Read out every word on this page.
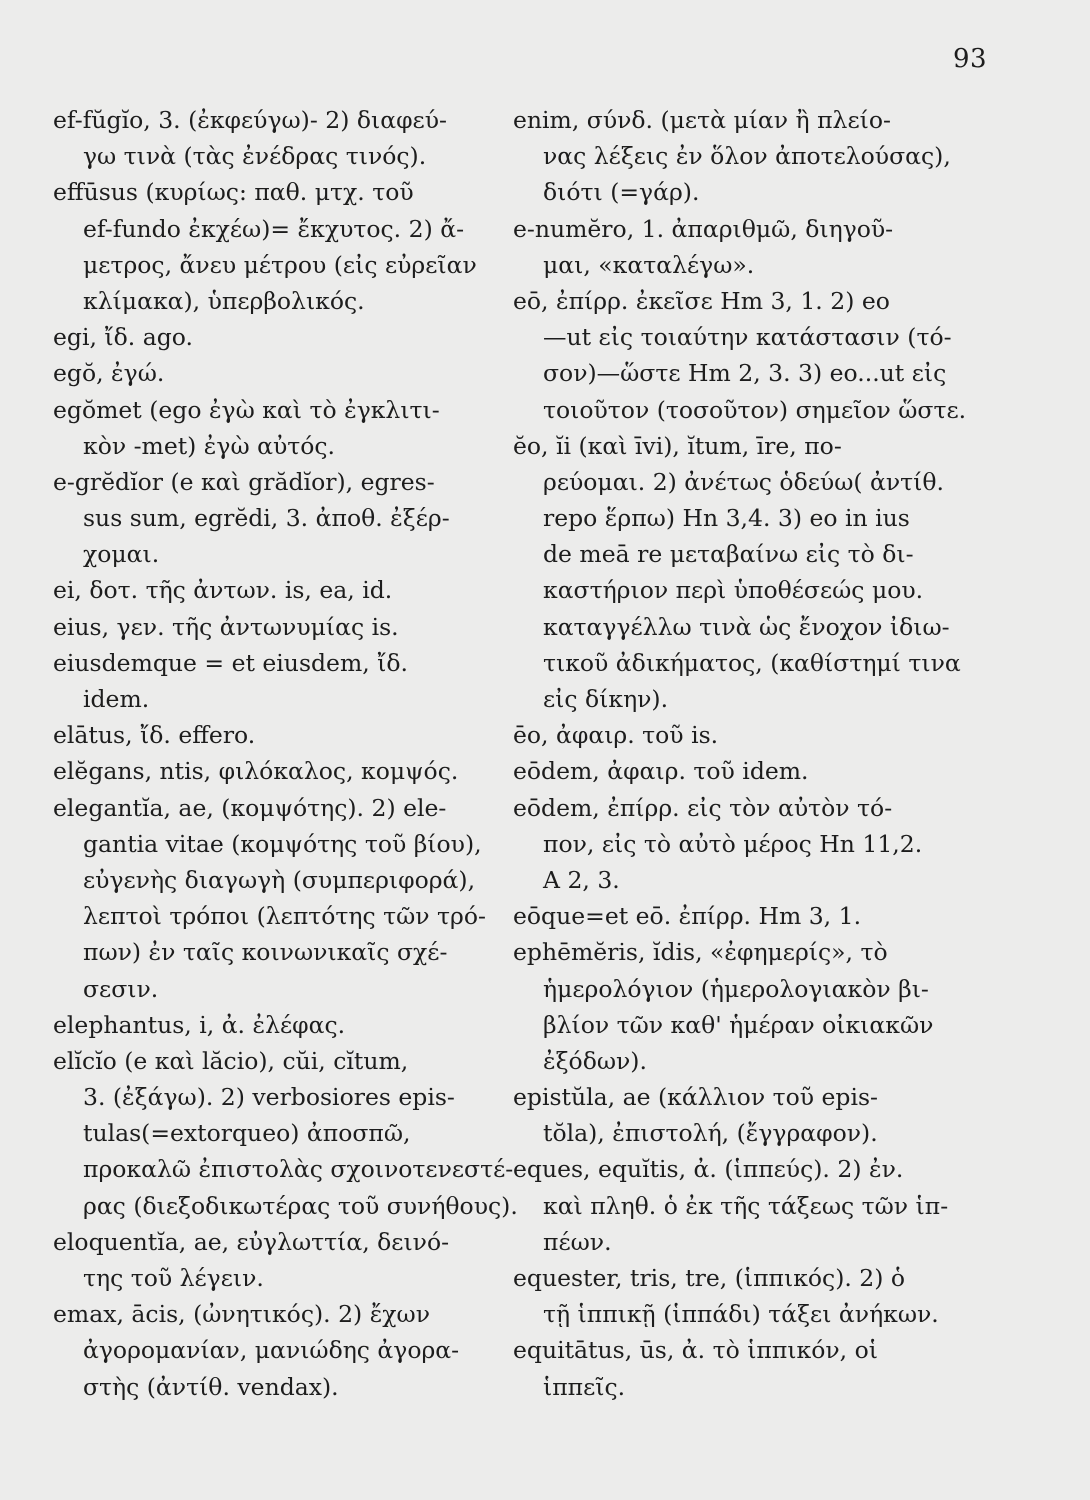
93
ef-fŭgĭo, 3. (ἐκφεύγω)- 2) διαφεύ-
γω τινὰ (τὰς ἐνέδρας τινός).
effūsus (κυρίως: παθ. μτχ. τοῦ
ef-fundo ἐκχέω)= ἔκχυτος. 2) ἄ-
μετρος, ἄνευ μέτρου (εἰς εὐρεῖαν
κλίμακα), ὑπερβολικός.
egi, ἴδ. ago.
egŏ, ἐγώ.
egŏmet (ego ἐγὼ καὶ τὸ ἐγκλιτι-
κὸν -met) ἐγὼ αὐτός.
e-grĕdĭor (e καὶ grădĭor), egres-
sus sum, egrĕdi, 3. ἀποθ. ἐξέρ-
χομαι.
ei, δοτ. τῆς ἀντων. is, ea, id.
eius, γεν. τῆς ἀντωνυμίας is.
eiusdemque = et eiusdem, ἴδ.
idem.
elātus, ἴδ. effero.
elĕgans, ntis, φιλόκαλος, κομψός.
elegantĭa, ae, (κομψότης). 2) ele-
gantia vitae (κομψότης τοῦ βίου),
εὐγενὴς διαγωγὴ (συμπεριφορά),
λεπτοὶ τρόποι (λεπτότης τῶν τρό-
πων) ἐν ταῖς κοινωνικαῖς σχέ-
σεσιν.
elephantus, i, ἀ. ἐλέφας.
elĭcĭo (e καὶ lăcio), cŭi, cĭtum,
3. (ἐξάγω). 2) verbosiores epis-
tulas(=extorqueo) ἀποσπῶ,
προκαλῶ ἐπιστολὰς σχοινοτενεστέ-
ρας (διεξοδικωτέρας τοῦ συνήθους).
eloquentĭa, ae, εὐγλωττία, δεινό-
της τοῦ λέγειν.
emax, ācis, (ὠνητικός). 2) ἔχων
ἀγορομανίαν, μανιώδης ἀγορα-
στὴς (ἀντίθ. vendax).
enim, σύνδ. (μετὰ μίαν ἢ πλείο-
νας λέξεις ἐν ὅλον ἀποτελούσας),
διότι (=γάρ).
e-numĕro, 1. ἀπαριθμῶ, διηγοῦ-
μαι, «καταλέγω».
eō, ἐπίρρ. ἐκεῖσε Hm 3, 1. 2) eo
—ut εἰς τοιαύτην κατάστασιν (τό-
σον)—ὥστε Hm 2, 3. 3) eo...ut εἰς
τοιοῦτον (τοσοῦτον) σημεῖον ὥστε.
ĕo, ĭi (καὶ īvi), ĭtum, īre, πο-
ρεύομαι. 2) ἀνέτως ὁδεύω( ἀντίθ.
repo ἕρπω) Hn 3,4. 3) eo in ius
de meā re μεταβαίνω εἰς τὸ δι-
καστήριον περὶ ὑποθέσεώς μου.
καταγγέλλω τινὰ ὡς ἔνοχον ἰδιω-
τικοῦ ἀδικήματος, (καθίστημί τινα
εἰς δίκην).
ēo, ἀφαιρ. τοῦ is.
eōdem, ἀφαιρ. τοῦ idem.
eōdem, ἐπίρρ. εἰς τὸν αὐτὸν τό-
πον, εἰς τὸ αὐτὸ μέρος Hn 11,2.
A 2, 3.
eōque=et eō. ἐπίρρ. Hm 3, 1.
ephēmĕris, ĭdis, «ἐφημερίς», τὸ
ἡμερολόγιον (ἡμερολογιακὸν βι-
βλίον τῶν καθ' ἡμέραν οἰκιακῶν
ἐξόδων).
epistŭla, ae (κάλλιον τοῦ epis-
tŏla), ἐπιστολή, (ἔγγραφον).
eques, equĭtis, ἀ. (ἱππεύς). 2) ἐν.
καὶ πληθ. ὁ ἐκ τῆς τάξεως τῶν ἱπ-
πέων.
equester, tris, tre, (ἱππικός). 2) ὁ
τῇ ἱππικῇ (ἱππάδι) τάξει ἀνήκων.
equitātus, ūs, ἀ. τὸ ἱππικόν, οἱ
ἱππεῖς.
